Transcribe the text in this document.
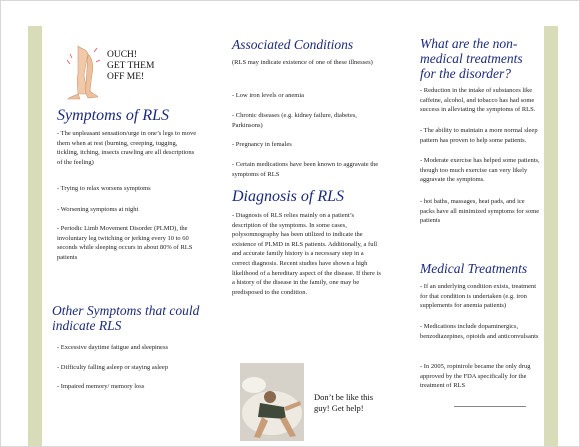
OUCH!
GET THEM
OFF ME!
Symptoms of RLS

- The unpleasant sensation/urge in one’s legs to move them when at rest (burning, creeping, tugging, tickling, itching, insects crawling are all descriptions of the feeling)

- Trying to relax worsens symptoms

- Worsening symptoms at night

- Periodic Limb Movement Disorder (PLMD), the involuntary leg twitching or jerking every 10 to 60 seconds while sleeping occurs in about 80% of RLS patients

Other Symptoms that could indicate RLS

- Excessive daytime fatigue and sleepiness

- Difficulty falling asleep or staying asleep

- Impaired memory/ memory loss

Associated Conditions

(RLS may indicate existence of one of these illnesses)

- Low iron levels or anemia

- Chronic diseases (e.g. kidney failure, diabetes, Parkinsons)

- Pregnancy in females

- Certain medications have been known to aggravate the symptoms of RLS

Diagnosis of RLS

- Diagnosis of RLS relies mainly on a patient’s description of the symptoms. In some cases, polysomnography has been utilized to indicate the existence of PLMD in RLS patients. Additionally, a full and accurate family history is a necessary step in a correct diagnosis. Recent studies have shown a high likelihood of a hereditary aspect of the disease. If there is a history of the disease in the family, one may be predisposed to the condition.

Don’t be like this guy! Get help!
What are the non-medical treatments for the disorder?

- Reduction in the intake of substances like caffeine, alcohol, and tobacco has had some success in alleviating the symptoms of RLS.

- The ability to maintain a more normal sleep pattern has proven to help some patients.

- Moderate exercise has helped some patients, though too much exercise can very likely aggravate the symptoms.

- hot baths, massages, heat pads, and ice packs have all minimized symptoms for some patients

Medical Treatments

- If an underlying condition exists, treatment for that condition is undertaken (e.g. iron supplements for anemia patients)

- Medications include dopaminergics, benzodiazepines, opioids and anticonvulsants

- In 2005, ropinirole became the only drug approved by the FDA specifically for the treatment of RLS
